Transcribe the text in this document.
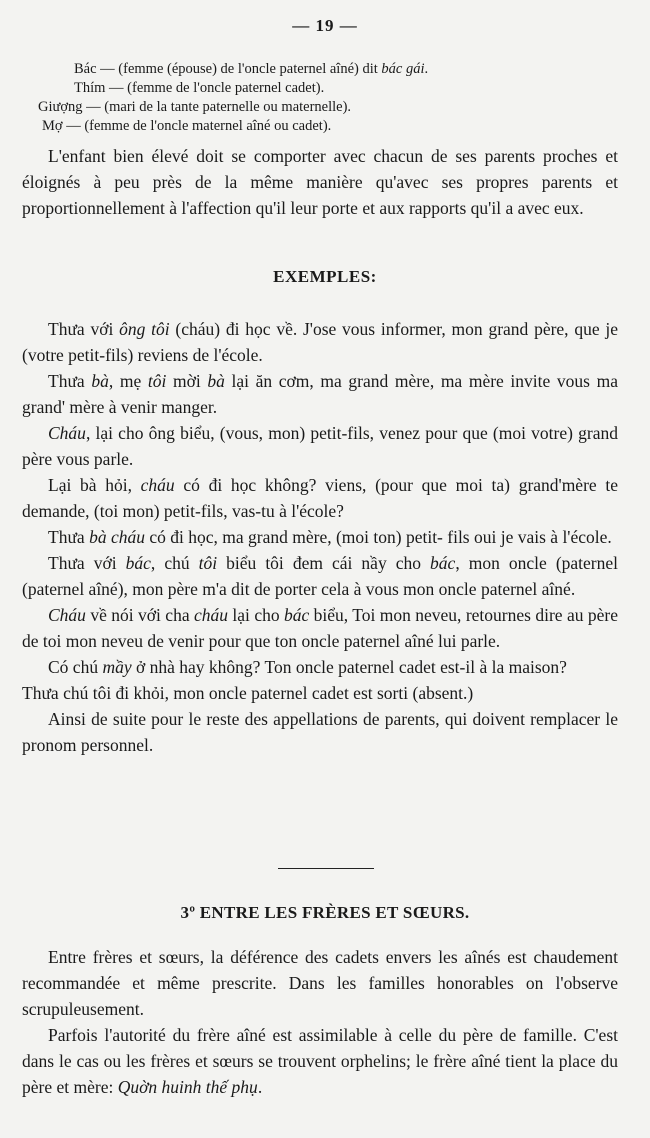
— 19 —
Bác — (femme (épouse) de l'oncle paternel aîné) dit bác gái.
Thím — (femme de l'oncle paternel cadet).
Giượng — (mari de la tante paternelle ou maternelle).
Mợ — (femme de l'oncle maternel aîné ou cadet).

L'enfant bien élevé doit se comporter avec chacun de ses parents proches et éloignés à peu près de la même manière qu'avec ses propres parents et proportionnellement à l'affection qu'il leur porte et aux rapports qu'il a avec eux.

EXEMPLES:

Thưa với ông tôi (cháu) đi học về. J'ose vous informer, mon grand père, que je (votre petit-fils) reviens de l'école.

Thưa bà, mẹ tôi mời bà lại ăn cơm, ma grand mère, ma mère invite vous ma grand' mère à venir manger.

Cháu, lại cho ông biểu, (vous, mon) petit-fils, venez pour que (moi votre) grand père vous parle.

Lại bà hỏi, cháu có đi học không? viens, (pour que moi ta) grand'mère te demande, (toi mon) petit-fils, vas-tu à l'école?

Thưa bà cháu có đi học, ma grand mère, (moi ton) petit- fils oui je vais à l'école.

Thưa với bác, chú tôi biểu tôi đem cái nầy cho bác, mon oncle (paternel (paternel aîné), mon père m'a dit de porter cela à vous mon oncle paternel aîné.

Cháu về nói với cha cháu lại cho bác biểu, Toi mon neveu, retournes dire au père de toi mon neveu de venir pour que ton oncle paternel aîné lui parle.

Có chú mầy ở nhà hay không? Ton oncle paternel cadet est-il à la maison?

Thưa chú tôi đi khỏi, mon oncle paternel cadet est sorti (absent.)

Ainsi de suite pour le reste des appellations de parents, qui doivent remplacer le pronom personnel.

3º ENTRE LES FRÈRES ET SŒURS.

Entre frères et sœurs, la déférence des cadets envers les aînés est chaudement recommandée et même prescrite. Dans les familles honorables on l'observe scrupuleusement.

Parfois l'autorité du frère aîné est assimilable à celle du père de famille. C'est dans le cas ou les frères et sœurs se trouvent orphelins; le frère aîné tient la place du père et mère: Quờn huinh thế phụ.
